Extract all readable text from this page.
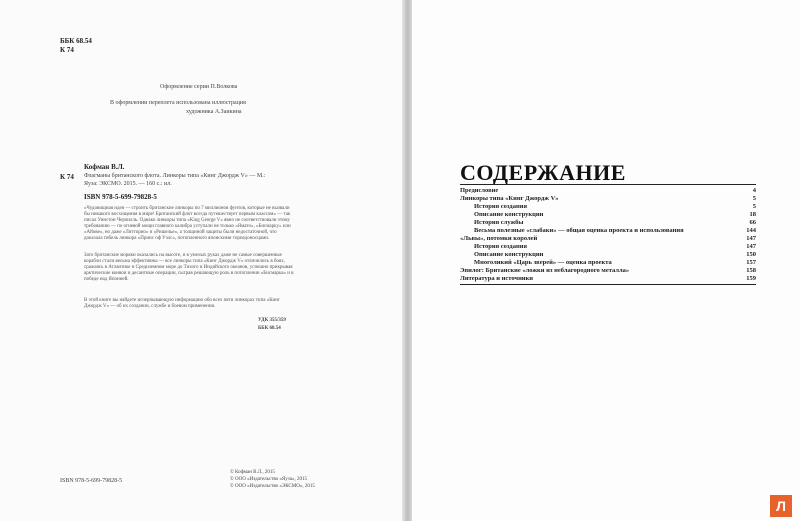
ББК 68.54
К 74
Оформление серии П.Волкова
В оформлении переплета использована иллюстрация
художника А.Заикина
Кофман В.Л.
К 74 Флагманы британского флота. Линкоры типа «Кинг Джордж V» — М.:
Яуза: ЭКСМО. 2015. — 160 с.: ил.
ISBN 978-5-699-79828-5
«Чудовищная идея — строить британские линкоры по 7 миллионов фунтов, которые не вызвали бы никакого восхищения в мире! Британский флот всегда путешествует первым классом» — так писал Уинстон Черчилль. Однако линкоры типа «King George V» явно не соответствовали этому требованию — по огневой мощи главного калибра уступали не только «Ямато», «Бисмарку» или «Айове», но даже «Литторио» и «Ришелье», а толщиной защиты были недостаточной, что доказала гибель линкора «Принс оф Уэлс», потопленного японскими торпедоносцами.
Зато британские моряки оказались на высоте, и в умелых руках даже не самые совершенные корабли стали весьма эффективны — все линкоры типа «Кинг Джордж V» отличились в боях, сражаясь в Атлантике и Средиземном море до Тихого и Индийского океанов, успешно прикрывая арктические конвои и десантные операции, сыграв решающую роль в потоплении «Бисмарка» и в победе над Японией.
В этой книге вы найдете исчерпывающую информацию обо всех пяти линкорах типа «Кинг Джордж V» — об их создании, службе и боевом применении.
УДК 355/359
ББК 68.54
ISBN 978-5-699-79828-5
© Кофман В.Л., 2015
© ООО «Издательство «Яуза», 2015
© ООО «Издательство «ЭКСМО», 2015
СОДЕРЖАНИЕ
Предисловие	4
Линкоры типа «Кинг Джордж V»	5
История создания	5
Описание конструкции	18
История службы	66
Весьма полезные «слабаки» — общая оценка проекта и использования	144
«Львы», потомки королей	147
История создания	147
Описание конструкции	150
Многоликий «Царь зверей» — оценка проекта	157
Эпилог: Британские «ложки из неблагородного металла»	158
Литература и источники	159
Л
